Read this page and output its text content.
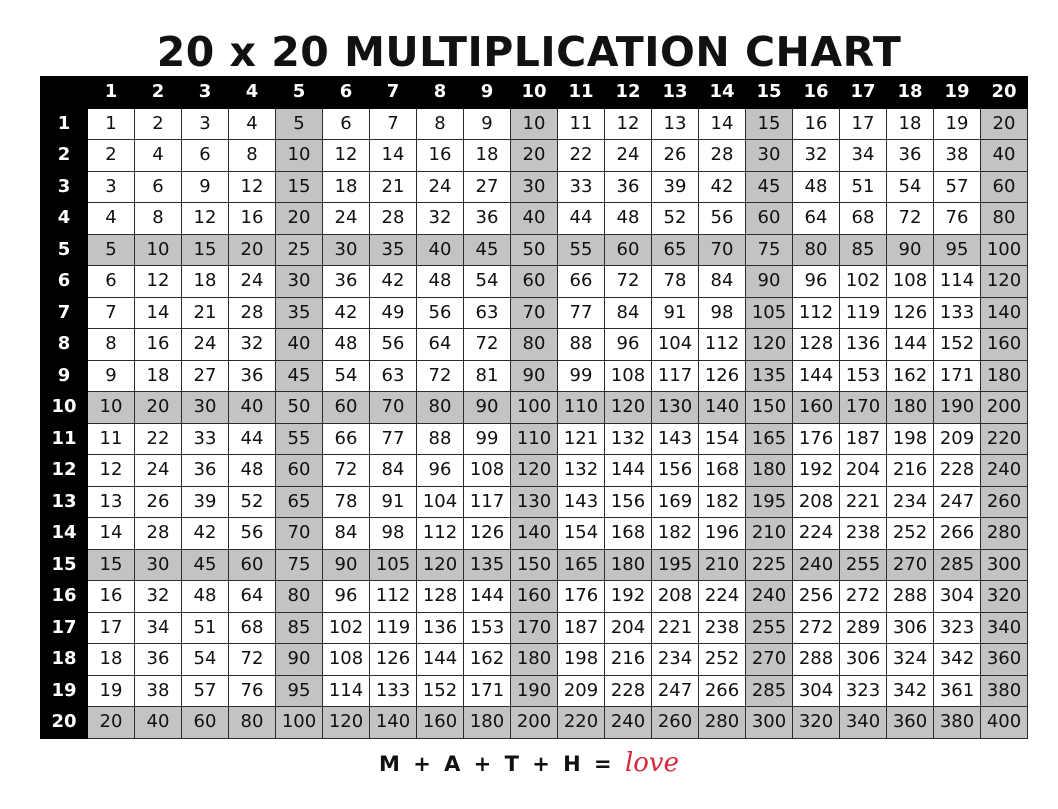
20 x 20 MULTIPLICATION CHART
	1	2	3	4	5	6	7	8	9	10	11	12	13	14	15	16	17	18	19	20
1	1	2	3	4	5	6	7	8	9	10	11	12	13	14	15	16	17	18	19	20
2	2	4	6	8	10	12	14	16	18	20	22	24	26	28	30	32	34	36	38	40
3	3	6	9	12	15	18	21	24	27	30	33	36	39	42	45	48	51	54	57	60
4	4	8	12	16	20	24	28	32	36	40	44	48	52	56	60	64	68	72	76	80
5	5	10	15	20	25	30	35	40	45	50	55	60	65	70	75	80	85	90	95	100
6	6	12	18	24	30	36	42	48	54	60	66	72	78	84	90	96	102	108	114	120
7	7	14	21	28	35	42	49	56	63	70	77	84	91	98	105	112	119	126	133	140
8	8	16	24	32	40	48	56	64	72	80	88	96	104	112	120	128	136	144	152	160
9	9	18	27	36	45	54	63	72	81	90	99	108	117	126	135	144	153	162	171	180
10	10	20	30	40	50	60	70	80	90	100	110	120	130	140	150	160	170	180	190	200
11	11	22	33	44	55	66	77	88	99	110	121	132	143	154	165	176	187	198	209	220
12	12	24	36	48	60	72	84	96	108	120	132	144	156	168	180	192	204	216	228	240
13	13	26	39	52	65	78	91	104	117	130	143	156	169	182	195	208	221	234	247	260
14	14	28	42	56	70	84	98	112	126	140	154	168	182	196	210	224	238	252	266	280
15	15	30	45	60	75	90	105	120	135	150	165	180	195	210	225	240	255	270	285	300
16	16	32	48	64	80	96	112	128	144	160	176	192	208	224	240	256	272	288	304	320
17	17	34	51	68	85	102	119	136	153	170	187	204	221	238	255	272	289	306	323	340
18	18	36	54	72	90	108	126	144	162	180	198	216	234	252	270	288	306	324	342	360
19	19	38	57	76	95	114	133	152	171	190	209	228	247	266	285	304	323	342	361	380
20	20	40	60	80	100	120	140	160	180	200	220	240	260	280	300	320	340	360	380	400
M + A + T + H = love
